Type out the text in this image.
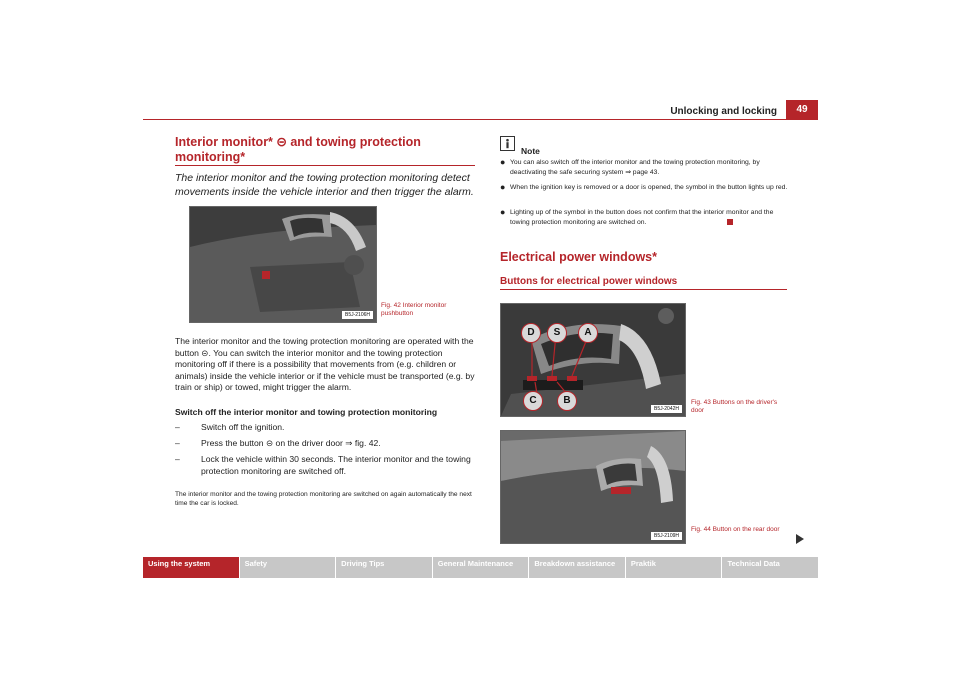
Unlocking and locking	49
Interior monitor* ⊝ and towing protection monitoring*
The interior monitor and the towing protection monitoring detect movements inside the vehicle interior and then trigger the alarm.
B5J-2106H
Fig. 42 Interior monitor pushbutton
The interior monitor and the towing protection monitoring are operated with the button ⊝. You can switch the interior monitor and the towing protection monitoring off if there is a possibility that movements from (e.g. children or animals) inside the vehicle interior or if the vehicle must be transported (e.g. by train or ship) or towed, might trigger the alarm.
Switch off the interior monitor and towing protection monitoring
– Switch off the ignition.
– Press the button ⊝ on the driver door ⇒ fig. 42.
– Lock the vehicle within 30 seconds. The interior monitor and the towing protection monitoring are switched off.
The interior monitor and the towing protection monitoring are switched on again automatically the next time the car is locked.
Note
● You can also switch off the interior monitor and the towing protection monitoring, by deactivating the safe securing system ⇒ page 43.
● When the ignition key is removed or a door is opened, the symbol in the button lights up red.
● Lighting up of the symbol in the button does not confirm that the interior monitor and the towing protection monitoring are switched on.
Electrical power windows*
Buttons for electrical power windows
D	S	A
C	B
B5J-2042H
Fig. 43 Buttons on the driver's door
B5J-2109H
Fig. 44 Button on the rear door
Using the system	Safety	Driving Tips	General Maintenance	Breakdown assistance	Praktik	Technical Data
